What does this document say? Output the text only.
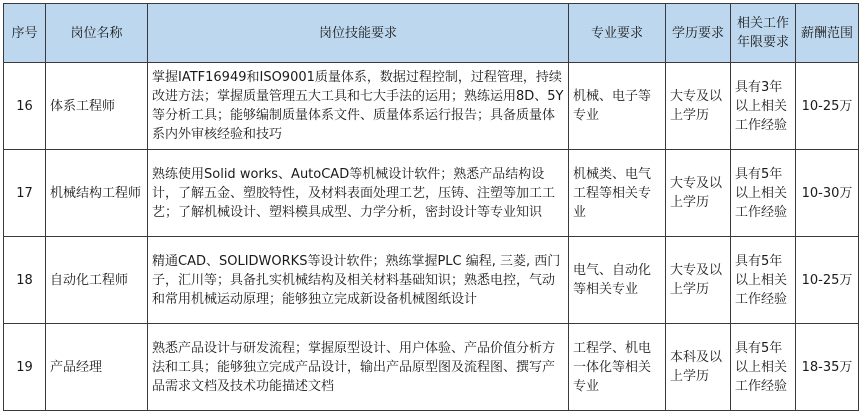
序号	岗位名称	岗位技能要求	专业要求	学历要求	相关工作年限要求	薪酬范围
16	体系工程师	掌握IATF16949和ISO9001质量体系，数据过程控制，过程管理，持续改进方法；掌握质量管理五大工具和七大手法的运用；熟练运用8D、5Y等分析工具；能够编制质量体系文件、质量体系运行报告；具备质量体系内外审核经验和技巧	机械、电子等专业	大专及以上学历	具有3年以上相关工作经验	10-25万
17	机械结构工程师	熟练使用Solid works、AutoCAD等机械设计软件；熟悉产品结构设计，了解五金、塑胶特性，及材料表面处理工艺，压铸、注塑等加工工艺；了解机械设计、塑料模具成型、力学分析，密封设计等专业知识	机械类、电气工程等相关专业	大专及以上学历	具有5年以上相关工作经验	10-30万
18	自动化工程师	精通CAD、SOLIDWORKS等设计软件；熟练掌握PLC 编程, 三菱, 西门子，汇川等；具备扎实机械结构及相关材料基础知识；熟悉电控，气动和常用机械运动原理；能够独立完成新设备机械图纸设计	电气、自动化等相关专业	大专及以上学历	具有5年以上相关工作经验	10-25万
19	产品经理	熟悉产品设计与研发流程；掌握原型设计、用户体验、产品价值分析方法和工具；能够独立完成产品设计，输出产品原型图及流程图、撰写产品需求文档及技术功能描述文档	工程学、机电一体化等相关专业	本科及以上学历	具有5年以上相关工作经验	18-35万
